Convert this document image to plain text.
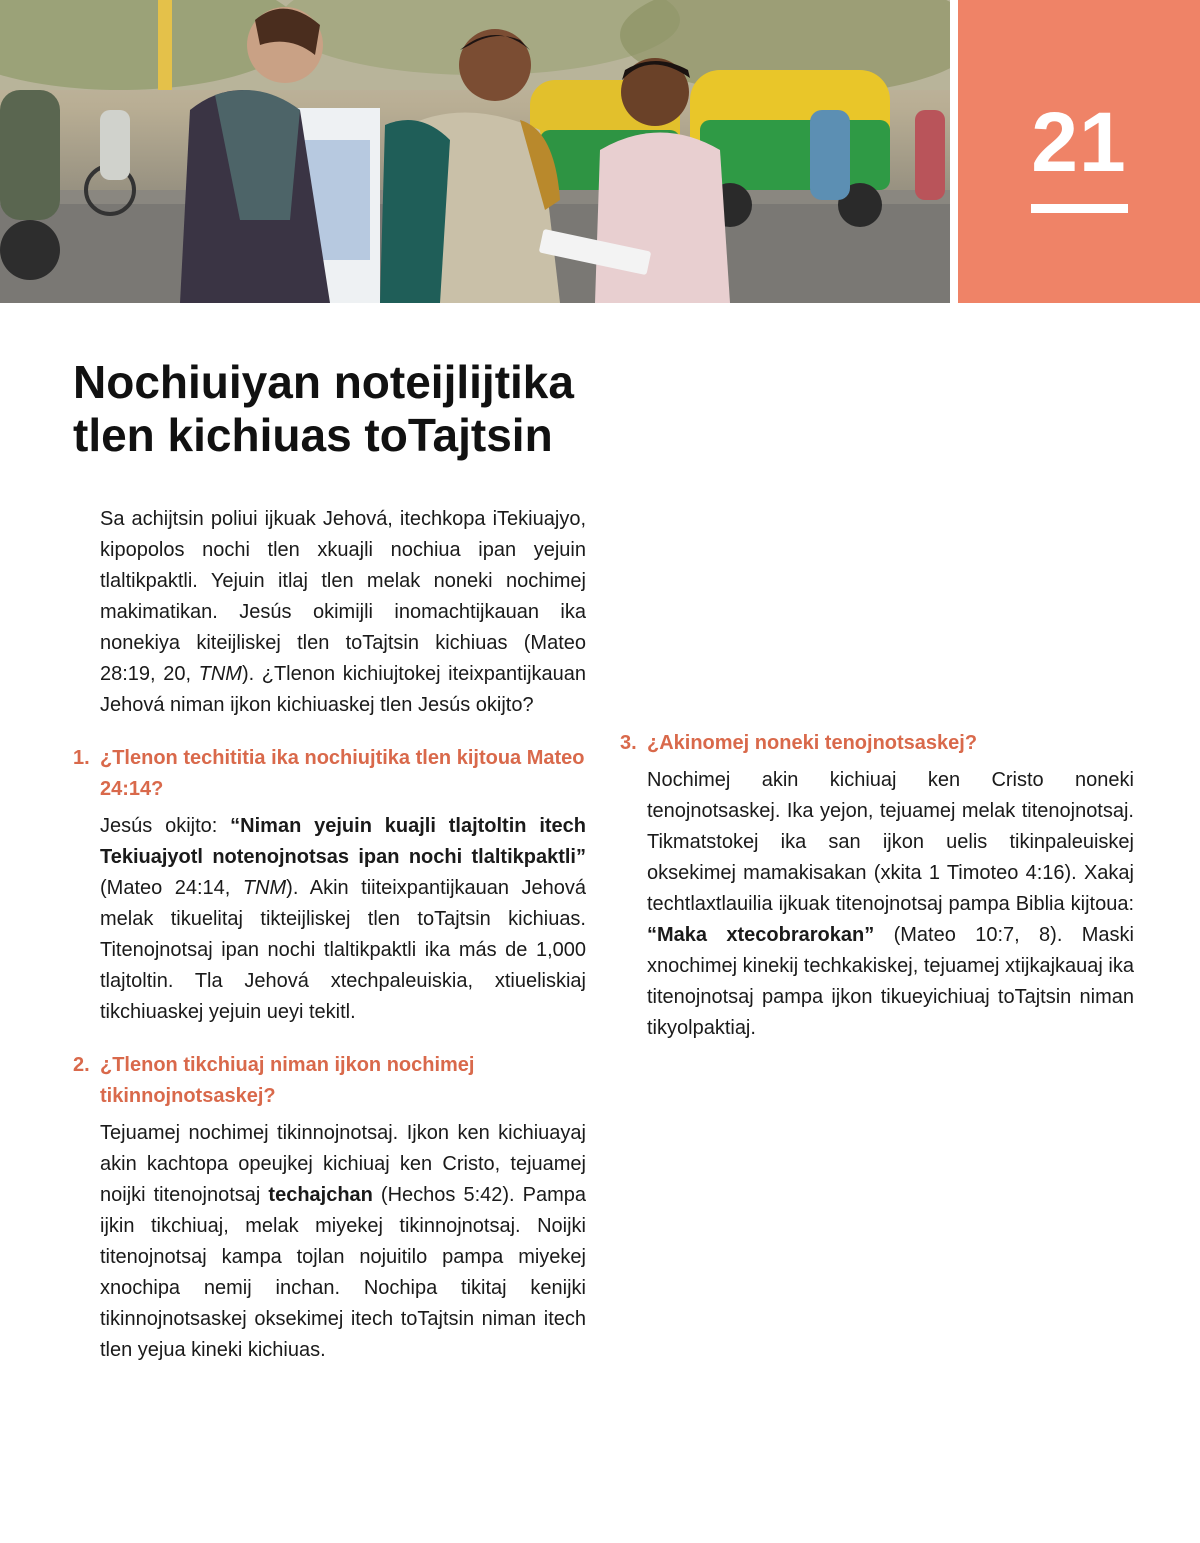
21
Nochiuiyan noteijlijtika
tlen kichiuas toTajtsin

Sa achijtsin poliui ijkuak Jehová, itechkopa iTekiuajyo, kipopolos nochi tlen xkuajli nochiua ipan yejuin tlaltikpaktli. Yejuin itlaj tlen melak noneki nochimej makimatikan. Jesús okimijli inomachtijkauan ika nonekiya kiteijliskej tlen toTajtsin kichiuas (Mateo 28:19, 20, TNM). ¿Tlenon kichiujtokej iteixpantijkauan Jehová niman ijkon kichiuaskej tlen Jesús okijto?

1. ¿Tlenon techititia ika nochiujtika tlen kijtoua Mateo 24:14?

Jesús okijto: “Niman yejuin kuajli tlajtoltin itech Tekiuajyotl notenojnotsas ipan nochi tlaltikpaktli” (Mateo 24:14, TNM). Akin tiiteixpantijkauan Jehová melak tikuelitaj tikteijliskej tlen toTajtsin kichiuas. Titenojnotsaj ipan nochi tlaltikpaktli ika más de 1,000 tlajtoltin. Tla Jehová xtechpaleuiskia, xtiueliskiaj tikchiuaskej yejuin ueyi tekitl.

2. ¿Tlenon tikchiuaj niman ijkon nochimej tikinnojnotsaskej?

Tejuamej nochimej tikinnojnotsaj. Ijkon ken kichiuayaj akin kachtopa opeujkej kichiuaj ken Cristo, tejuamej noijki titenojnotsaj techajchan (Hechos 5:42). Pampa ijkin tikchiuaj, melak miyekej tikinnojnotsaj. Noijki titenojnotsaj kampa tojlan nojuitilo pampa miyekej xnochipa nemij inchan. Nochipa tikitaj kenijki tikinnojnotsaskej oksekimej itech toTajtsin niman itech tlen yejua kineki kichiuas.

3. ¿Akinomej noneki tenojnotsaskej?

Nochimej akin kichiuaj ken Cristo noneki tenojnotsaskej. Ika yejon, tejuamej melak titenojnotsaj. Tikmatstokej ika san ijkon uelis tikinpaleuiskej oksekimej mamakisakan (xkita 1 Timoteo 4:16). Xakaj techtlaxtlauilia ijkuak titenojnotsaj pampa Biblia kijtoua: “Maka xtecobrarokan” (Mateo 10:7, 8). Maski xnochimej kinekij techkakiskej, tejuamej xtijkajkauaj ika titenojnotsaj pampa ijkon tikueyichiuaj toTajtsin niman tikyolpaktiaj.
